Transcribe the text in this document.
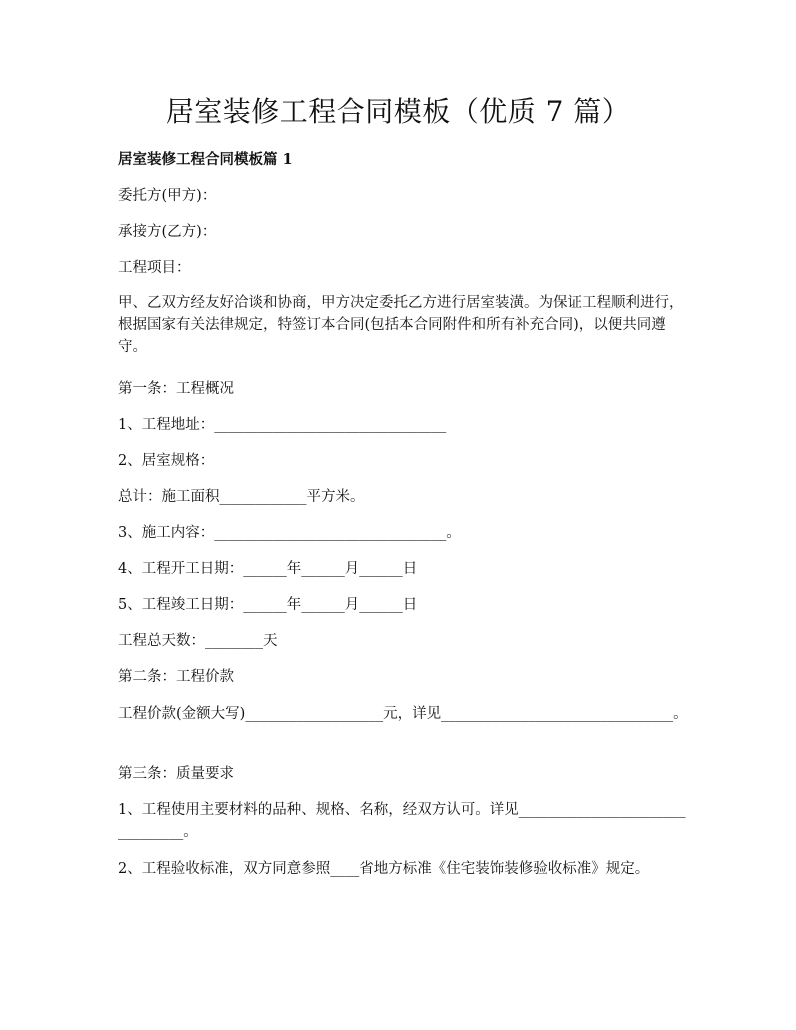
居室装修工程合同模板（优质 7 篇）

居室装修工程合同模板篇 1

委托方(甲方)：

承接方(乙方)：

工程项目：

甲、乙双方经友好洽谈和协商，甲方决定委托乙方进行居室装潢。为保证工程顺利进行，根据国家有关法律规定，特签订本合同(包括本合同附件和所有补充合同)，以便共同遵守。

第一条：工程概况

1、工程地址：________________________________

2、居室规格：

总计：施工面积____________平方米。

3、施工内容：________________________________。

4、工程开工日期：______年______月______日

5、工程竣工日期：______年______月______日

工程总天数：________天

第二条：工程价款

工程价款(金额大写)___________________元，详见________________________________。

第三条：质量要求

1、工程使用主要材料的品种、规格、名称，经双方认可。详见________________________________。

2、工程验收标准，双方同意参照____省地方标准《住宅装饰装修验收标准》规定。
